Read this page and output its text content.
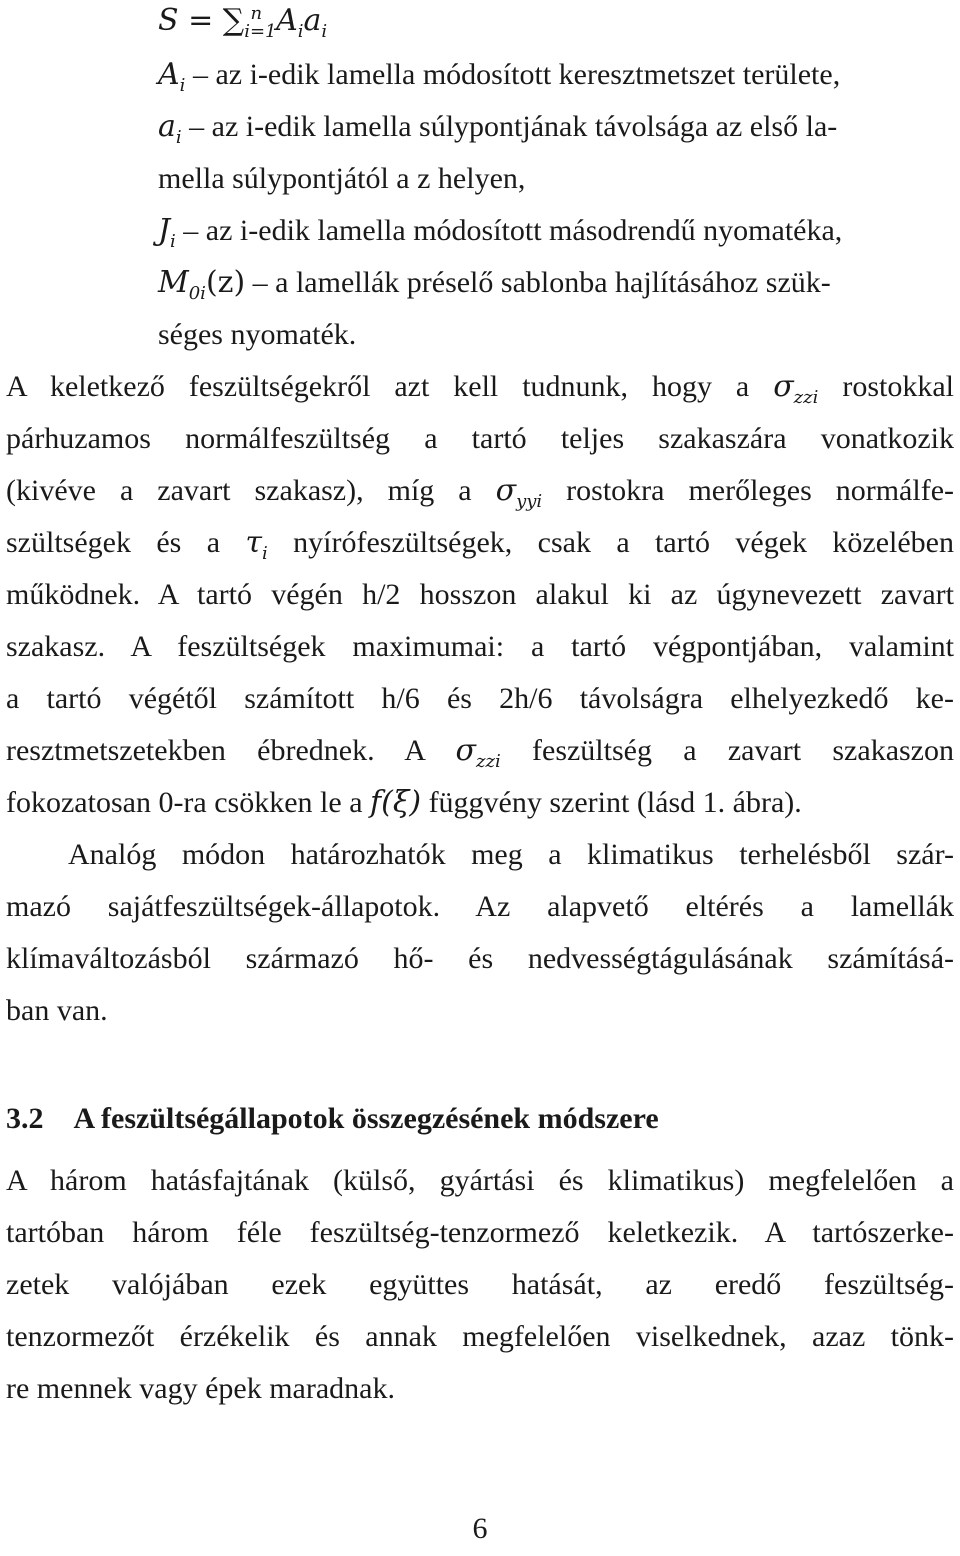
$S = \sum_{i=1}^n$ $A_ia_i$
$A_i$ – az i-edik lamella módosított keresztmetszet területe,
$a_i$ – az i-edik lamella súlypontjának távolsága az első la-
mella súlypontjától a z helyen,
$J_i$ – az i-edik lamella módosított másodrendű nyomatéka,
$M_{0i}(z)$ – a lamellák préselő sablonba hajlításához szük-
séges nyomaték.
A keletkező feszültségekről azt kell tudnunk, hogy a $\sigma_{zzi}$ rostokkal
párhuzamos normálfeszültség a tartó teljes szakaszára vonatkozik
(kivéve a zavart szakasz), míg a $\sigma_{yyi}$ rostokra merőleges normálfe-
szültségek és a $\tau_i$ nyírófeszültségek, csak a tartó végek közelében
működnek. A tartó végén h/2 hosszon alakul ki az úgynevezett zavart
szakasz. A feszültségek maximumai: a tartó végpontjában, valamint
a tartó végétől számított h/6 és 2h/6 távolságra elhelyezkedő ke-
resztmetszetekben ébrednek. A $\sigma_{zzi}$ feszültség a zavart szakaszon
fokozatosan 0-ra csökken le a f(ξ) függvény szerint (lásd 1. ábra).
Analóg módon határozhatók meg a klimatikus terhelésből szár-
mazó sajátfeszültségek-állapotok. Az alapvető eltérés a lamellák
klímaváltozásból származó hő- és nedvességtágulásának számításá-
ban van.
3.2 A feszültségállapotok összegzésének módszere
A három hatásfajtának (külső, gyártási és klimatikus) megfelelően a
tartóban három féle feszültség-tenzormező keletkezik. A tartószerke-
zetek valójában ezek együttes hatását, az eredő feszültség-
tenzormezőt érzékelik és annak megfelelően viselkednek, azaz tönk-
re mennek vagy épek maradnak.
6
